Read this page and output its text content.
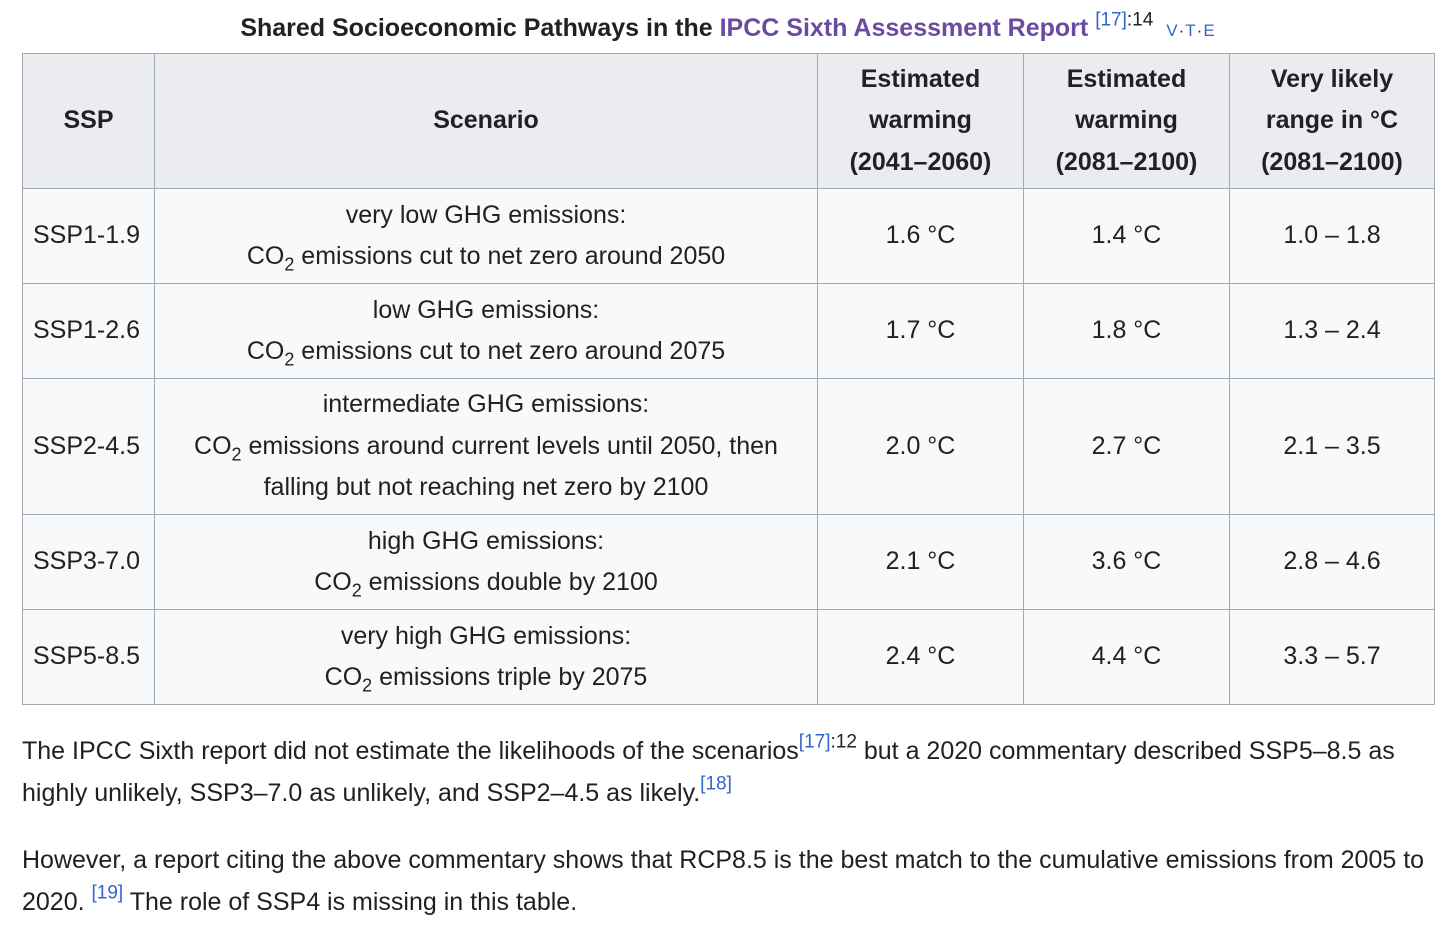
Shared Socioeconomic Pathways in the IPCC Sixth Assessment Report $^{[17]:14}$ V·T·E
SSP	Scenario	Estimated
warming
(2041–2060)	Estimated
warming
(2081–2100)	Very likely
range in °C
(2081–2100)
SSP1-1.9	very low GHG emissions:
$CO_2$ emissions cut to net zero around 2050	1.6 °C	1.4 °C	1.0 – 1.8
SSP1-2.6	low GHG emissions:
$CO_2$ emissions cut to net zero around 2075	1.7 °C	1.8 °C	1.3 – 2.4
SSP2-4.5	intermediate GHG emissions:
$CO_2$ emissions around current levels until 2050, then
falling but not reaching net zero by 2100	2.0 °C	2.7 °C	2.1 – 3.5
SSP3-7.0	high GHG emissions:
$CO_2$ emissions double by 2100	2.1 °C	3.6 °C	2.8 – 4.6
SSP5-8.5	very high GHG emissions:
$CO_2$ emissions triple by 2075	2.4 °C	4.4 °C	3.3 – 5.7

The IPCC Sixth report did not estimate the likelihoods of the scenarios$^{[17]:12}$ but a 2020 commentary described SSP5–8.5 as highly unlikely, SSP3–7.0 as unlikely, and SSP2–4.5 as likely.[18]

However, a report citing the above commentary shows that RCP8.5 is the best match to the cumulative emissions from 2005 to 2020. [19] The role of SSP4 is missing in this table.
